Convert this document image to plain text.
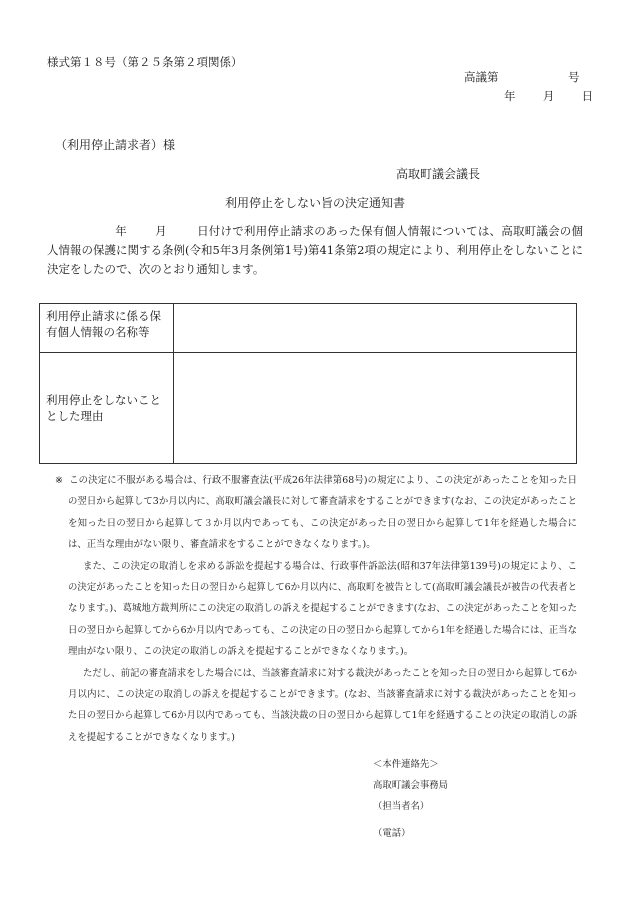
様式第１８号（第２５条第２項関係）
高議第	号
年 月 日
（利用停止請求者）様
高取町議会議長
利用停止をしない旨の決定通知書
年 月	日付けで利用停止請求のあった保有個人情報については、高取町議会の個人情報の保護に関する条例(令和5年3月条例第1号)第41条第2項の規定により、利用停止をしないことに決定をしたので、次のとおり通知します。
利用停止請求に係る保有個人情報の名称等	
利用停止をしないこととした理由	

※ この決定に不服がある場合は、行政不服審査法(平成26年法律第68号)の規定により、この決定があったことを知った日の翌日から起算して3か月以内に、高取町議会議長に対して審査請求をすることができます(なお、この決定があったことを知った日の翌日から起算して３か月以内であっても、この決定があった日の翌日から起算して1年を経過した場合には、正当な理由がない限り、審査請求をすることができなくなります。)。

また、この決定の取消しを求める訴訟を提起する場合は、行政事件訴訟法(昭和37年法律第139号)の規定により、この決定があったことを知った日の翌日から起算して6か月以内に、高取町を被告として(高取町議会議長が被告の代表者となります。)、葛城地方裁判所にこの決定の取消しの訴えを提起することができます(なお、この決定があったことを知った日の翌日から起算してから6か月以内であっても、この決定の日の翌日から起算してから1年を経過した場合には、正当な理由がない限り、この決定の取消しの訴えを提起することができなくなります。)。

ただし、前記の審査請求をした場合には、当該審査請求に対する裁決があったことを知った日の翌日から起算して6か月以内に、この決定の取消しの訴えを提起することができます。(なお、当該審査請求に対する裁決があったことを知った日の翌日から起算して6か月以内であっても、当該決裁の日の翌日から起算して1年を経過することの決定の取消しの訴えを提起することができなくなります。)

＜本件連絡先＞
高取町議会事務局
（担当者名）
（電話）
